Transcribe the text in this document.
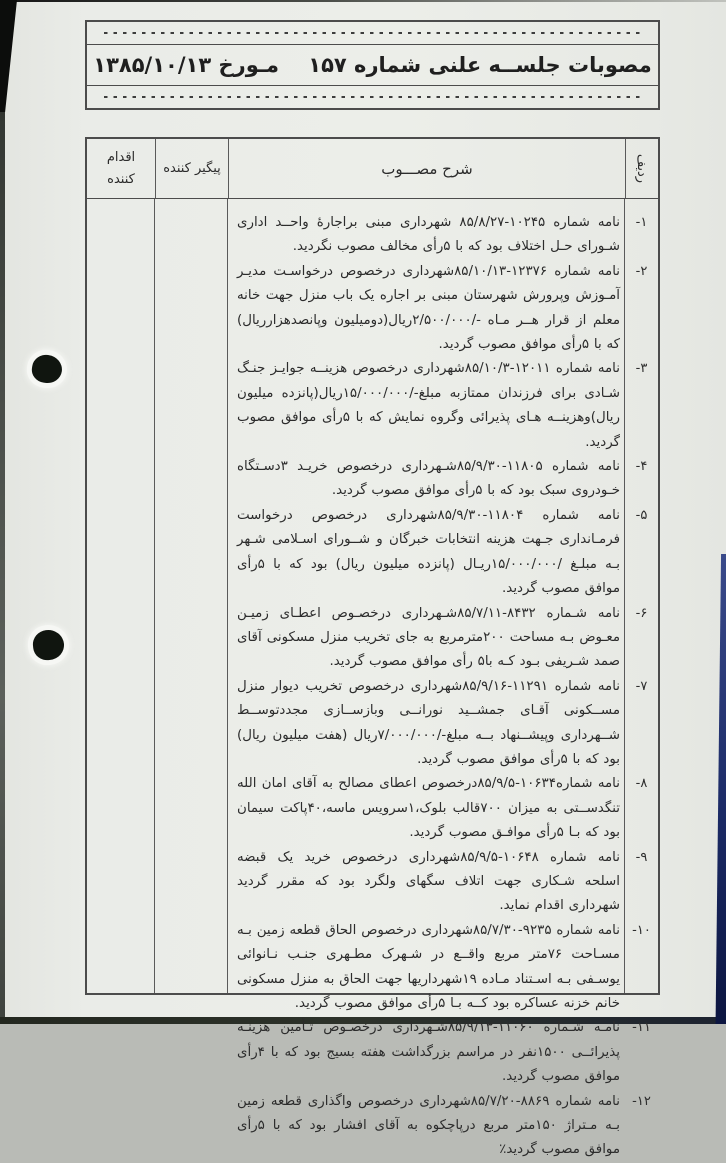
مصوبات جلســه علنی شماره ۱۵۷    مـورخ ۱۳۸۵/۱۰/۱۳
ردیف
شرح مصـــوب
پیگیر کننده
اقدام کننده
۱-
نامه شماره ۱۰۲۴۵-۸۵/۸/۲۷ شهرداری مبنی براجارهٔ واحــد اداری شـورای حـل اختلاف بود که با ۵رأی مخالف مصوب نگردید.
۲-
نامه شماره ۱۲۳۷۶-۸۵/۱۰/۱۳شهرداری درخصوص درخواسـت مدیـر آمـوزش وپرورش شهرستان مبنی بر اجاره یک باب منزل جهت خانه معلم از قرار هــر مـاه -/۲/۵۰۰/۰۰۰ریال(دومیلیون وپانصدهزارریال) که با ۵رأی موافق مصوب گردید.
۳-
نامه شماره ۱۲۰۱۱-۸۵/۱۰/۳شهرداری درخصوص هزینــه جوایـز جنـگ شـادی برای فرزندان ممتازبه مبلغ-/۱۵/۰۰۰/۰۰۰ریال(پانزده میلیون ریال)وهزینــه هـای پذیرائی وگروه نمایش که با ۵رأی موافق مصوب گردید.
۴-
نامه شماره ۱۱۸۰۵-۸۵/۹/۳۰شـهرداری درخصوص خریـد ۳دسـتگاه خـودروی سبک بود که با ۵رأی موافق مصوب گردید.
۵-
نامه شماره ۱۱۸۰۴-۸۵/۹/۳۰شهرداری درخصوص درخواست فرمـانداری جـهت هزینه انتخابات خبرگان و شــورای اسـلامی شـهر بـه مبلـغ /۱۵/۰۰۰/۰۰۰ریـال (پانزده میلیون ریال) بود که با ۵رأی موافق مصوب گردید.
۶-
نامه شـماره ۸۴۳۲-۸۵/۷/۱۱شـهرداری درخصـوص اعطـای زمیـن معـوض بـه مساحت ۲۰۰مترمربع به جای تخریب منزل مسکونی آقای صمد شـریفی بـود کـه با۵ رأی موافق مصوب گردید.
۷-
نامه شماره ۱۱۲۹۱-۸۵/۹/۱۶شهرداری درخصوص تخریب دیوار منزل مســکونی آقـای جمشــید نورانــی وبازســازی مجددتوســط شــهرداری وپیشــنهاد بــه مبلغ-/۷/۰۰۰/۰۰۰ریال (هفت میلیون ریال) بود که با ۵رأی موافق مصوب گردید.
۸-
نامه شماره۱۰۶۳۴-۸۵/۹/۵درخصوص اعطای مصالح به آقای امان الله تنگدســتی به میزان ۷۰۰قالب بلوک،۱سرویس ماسه،۴۰پاکت سیمان بود که بـا ۵رأی موافـق مصوب گردید.
۹-
نامه شماره ۱۰۶۴۸-۸۵/۹/۵شهرداری درخصوص خرید یک قبضه اسلحه شـکاری جهت اتلاف سگهای ولگرد بود که مقرر گردید شهرداری اقدام نماید.
۱۰-
نامه شماره ۹۲۳۵-۸۵/۷/۳۰شهرداری درخصوص الحاق قطعه زمین بـه مسـاحت ۷۶متر مربع واقــع در شـهرک مطـهری جنـب نـانوائی یوسـفی بـه اسـتناد مـاده ۱۹شهرداریها جهت الحاق به منزل مسکونی خانم خزنه عساکره بود کــه بـا ۵رأی موافق مصوب گردید.
۱۱-
نامـه شـماره ۱۱۰۶۰-۸۵/۹/۱۳شـهرداری درخصـوص تـأمین هزینـه پذیرائــی ۱۵۰۰نفر در مراسم بزرگداشت هفته بسیج بود که با ۴رأی موافق مصوب گردید.
۱۲-
نامه شماره ۸۸۶۹-۸۵/۷/۲۰شهرداری درخصوص واگذاری قطعه زمین بـه مـتراژ ۱۵۰متر مربع درپاچکوه به آقای افشار بود که با ۵رأی موافق مصوب گردید٪
